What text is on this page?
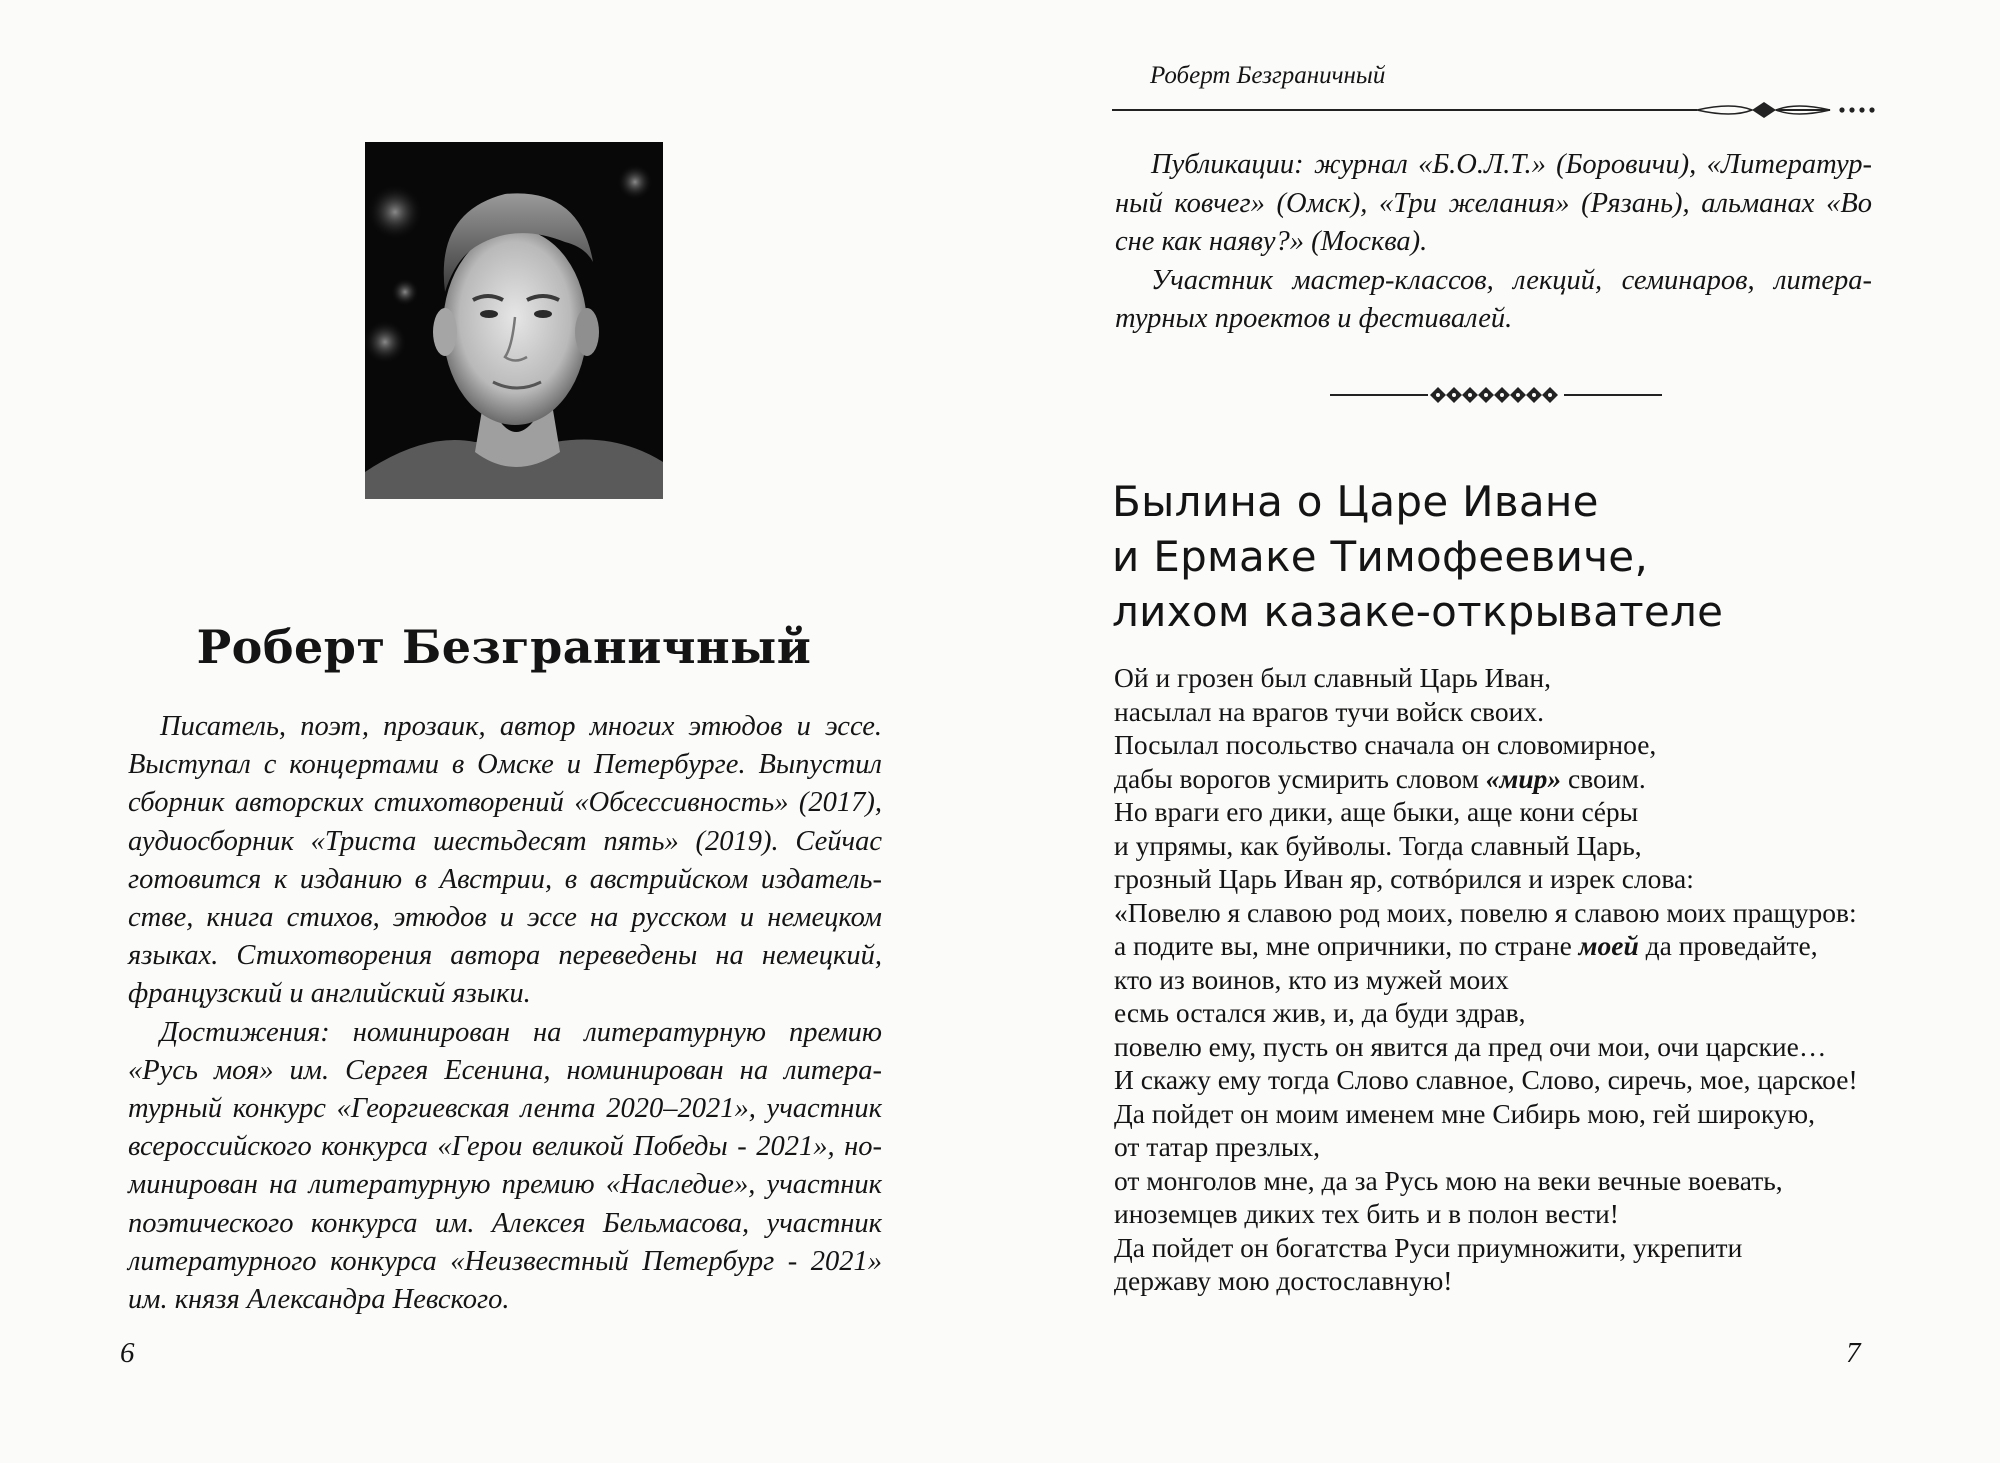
Роберт Безграничный

Писатель, поэт, прозаик, автор многих этюдов и эссе. Выступал с концертами в Омске и Петербурге. Выпустил сборник авторских стихотворений «Обсессивность» (2017), аудиосборник «Триста шестьдесят пять» (2019). Сейчас готовится к изданию в Австрии, в австрийском издательстве, книга стихов, этюдов и эссе на русском и немецком языках. Стихотворения автора переведены на немецкий, французский и английский языки.

Достижения: номинирован на литературную премию «Русь моя» им. Сергея Есенина, номинирован на литературный конкурс «Георгиевская лента 2020–2021», участник всероссийского конкурса «Герои великой Победы - 2021», номинирован на литературную премию «Наследие», участник поэтического конкурса им. Алексея Бельмасова, участник литературного конкурса «Неизвестный Петербург - 2021» им. князя Александра Невского.

6
Роберт Безграничный

Публикации: журнал «Б.О.Л.Т.» (Боровичи), «Литературный ковчег» (Омск), «Три желания» (Рязань), альманах «Во сне как наяву?» (Москва).

Участник мастер-классов, лекций, семинаров, литературных проектов и фестивалей.

Былина о Царе Иване
и Ермаке Тимофеевиче,
лихом казаке-открывателе
Ой и грозен был славный Царь Иван,
насылал на врагов тучи войск своих.
Посылал посольство сначала он словомирное,
дабы ворогов усмирить словом «мир» своим.
Но враги его дики, аще быки, аще кони сéры
и упрямы, как буйволы. Тогда славный Царь,
грозный Царь Иван яр, сотвóрился и изрек слова:
«Повелю я славою род моих, повелю я славою моих пращуров:
а подите вы, мне опричники, по стране моей да проведайте,
кто из воинов, кто из мужей моих
есмь остался жив, и, да буди здрав,
повелю ему, пусть он явится да пред очи мои, очи царские…
И скажу ему тогда Слово славное, Слово, сиречь, мое, царское!
Да пойдет он моим именем мне Сибирь мою, гей широкую,
от татар презлых,
от монголов мне, да за Русь мою на веки вечные воевать,
иноземцев диких тех бить и в полон вести!
Да пойдет он богатства Руси приумножити, укрепити
державу мою достославную!
7
